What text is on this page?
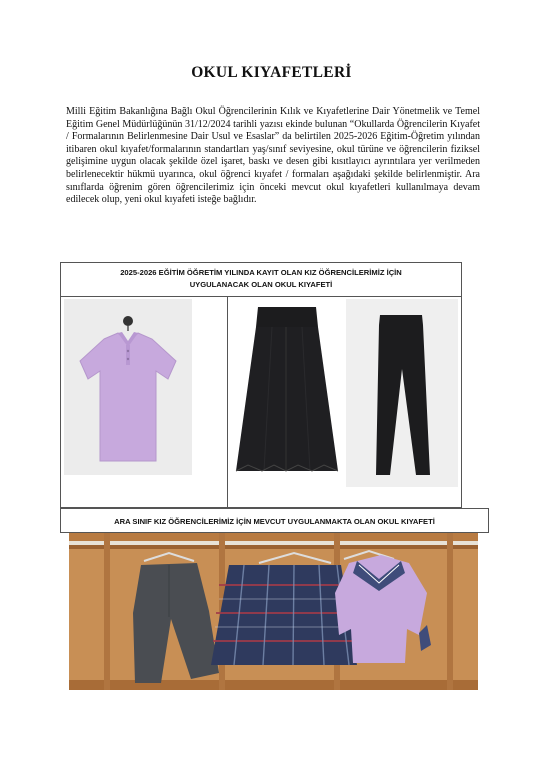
OKUL KIYAFETLERİ
Milli Eğitim Bakanlığına Bağlı Okul Öğrencilerinin Kılık ve Kıyafetlerine Dair Yönetmelik ve Temel Eğitim Genel Müdürlüğünün 31/12/2024 tarihli yazısı ekinde bulunan “Okullarda Öğrencilerin Kıyafet / Formalarının Belirlenmesine Dair Usul ve Esaslar” da belirtilen 2025-2026 Eğitim-Öğretim yılından itibaren okul kıyafet/formalarının standartları yaş/sınıf seviyesine, okul türüne ve öğrencilerin fiziksel gelişimine uygun olacak şekilde özel işaret, baskı ve desen gibi kısıtlayıcı ayrıntılara yer verilmeden belirlenecektir hükmü uyarınca, okul öğrenci kıyafet / formaları aşağıdaki şekilde belirlenmiştir. Ara sınıflarda öğrenim gören öğrencilerimiz için önceki mevcut okul kıyafetleri kullanılmaya devam edilecek olup, yeni okul kıyafeti isteğe bağlıdır.
2025-2026 EĞİTİM ÖĞRETİM YILINDA KAYIT OLAN KIZ ÖĞRENCİLERİMİZ İÇİN
UYGULANACAK OLAN OKUL KIYAFETİ
ARA SINIF KIZ ÖĞRENCİLERİMİZ İÇİN MEVCUT UYGULANMAKTA OLAN OKUL KIYAFETİ
